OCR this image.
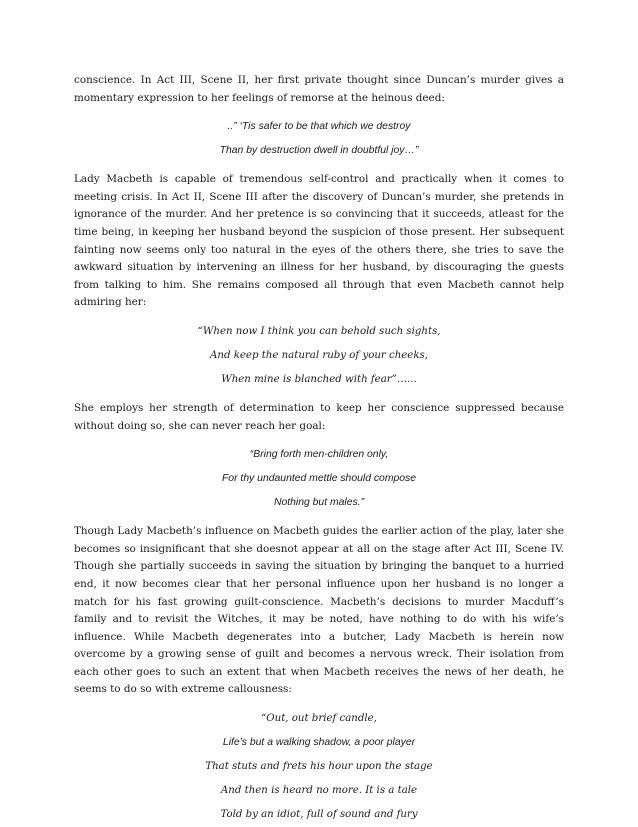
conscience. In Act III, Scene II, her first private thought since Duncan’s murder gives a momentary expression to her feelings of remorse at the heinous deed:

..” ‘Tis safer to be that which we destroy

Than by destruction dwell in doubtful joy…”

Lady Macbeth is capable of tremendous self-control and practically when it comes to meeting crisis. In Act II, Scene III after the discovery of Duncan’s murder, she pretends in ignorance of the murder. And her pretence is so convincing that it succeeds, atleast for the time being, in keeping her husband beyond the suspicion of those present. Her subsequent fainting now seems only too natural in the eyes of the others there, she tries to save the awkward situation by intervening an illness for her husband, by discouraging the guests from talking to him. She remains composed all through that even Macbeth cannot help admiring her:

“When now I think you can behold such sights,

And keep the natural ruby of your cheeks,

When mine is blanched with fear”…...

She employs her strength of determination to keep her conscience suppressed because without doing so, she can never reach her goal:

“Bring forth men-children only,

For thy undaunted mettle should compose

Nothing but males.”

Though Lady Macbeth’s influence on Macbeth guides the earlier action of the play, later she becomes so insignificant that she doesnot appear at all on the stage after Act III, Scene IV. Though she partially succeeds in saving the situation by bringing the banquet to a hurried end, it now becomes clear that her personal influence upon her husband is no longer a match for his fast growing guilt-conscience. Macbeth’s decisions to murder Macduff’s family and to revisit the Witches, it may be noted, have nothing to do with his wife’s influence. While Macbeth degenerates into a butcher, Lady Macbeth is herein now overcome by a growing sense of guilt and becomes a nervous wreck. Their isolation from each other goes to such an extent that when Macbeth receives the news of her death, he seems to do so with extreme callousness:

“Out, out brief candle,

Life’s but a walking shadow, a poor player

That stuts and frets his hour upon the stage

And then is heard no more. It is a tale

Told by an idiot, full of sound and fury
